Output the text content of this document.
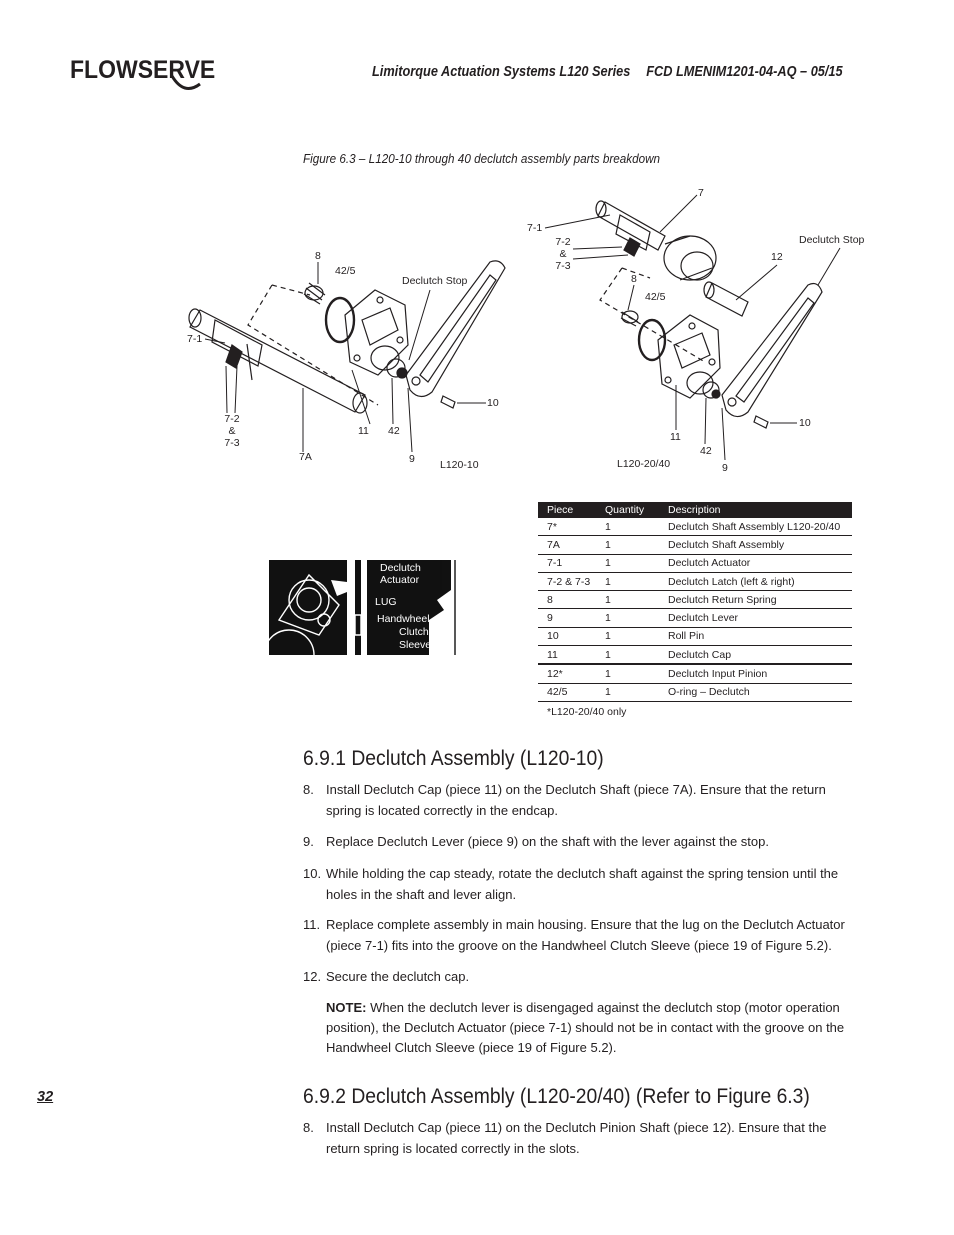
FLOWSERVE	Limitorque Actuation Systems L120 Series FCD LMENIM1201-04-AQ – 05/15
Figure 6.3 – L120-10 through 40 declutch assembly parts breakdown
8
42/5
Declutch Stop
7-1
7-2
&
7-3
7A
11 42
9
10
L120-10
7
7-1
7-2
&
7-3
Declutch Stop
12
8
42/5
11
42
9
10
L120-20/40
Declutch
Actuator
LUG
Handwheel
Clutch
Sleeve
Piece	Quantity	Description
7*	1	Declutch Shaft Assembly L120-20/40
7A	1	Declutch Shaft Assembly
7-1	1	Declutch Actuator
7-2 & 7-3	1	Declutch Latch (left & right)
8	1	Declutch Return Spring
9	1	Declutch Lever
10	1	Roll Pin
11	1	Declutch Cap
12*	1	Declutch Input Pinion
42/5	1	O-ring – Declutch
*L120-20/40 only
6.9.1 Declutch Assembly (L120-10)
8. Install Declutch Cap (piece 11) on the Declutch Shaft (piece 7A). Ensure that the return spring is located correctly in the endcap.
9. Replace Declutch Lever (piece 9) on the shaft with the lever against the stop.
10. While holding the cap steady, rotate the declutch shaft against the spring tension until the holes in the shaft and lever align.
11. Replace complete assembly in main housing. Ensure that the lug on the Declutch Actuator (piece 7-1) fits into the groove on the Handwheel Clutch Sleeve (piece 19 of Figure 5.2).
12. Secure the declutch cap.
NOTE: When the declutch lever is disengaged against the declutch stop (motor operation position), the Declutch Actuator (piece 7-1) should not be in contact with the groove on the Handwheel Clutch Sleeve (piece 19 of Figure 5.2).
32	6.9.2 Declutch Assembly (L120-20/40) (Refer to Figure 6.3)
8. Install Declutch Cap (piece 11) on the Declutch Pinion Shaft (piece 12). Ensure that the return spring is located correctly in the slots.
